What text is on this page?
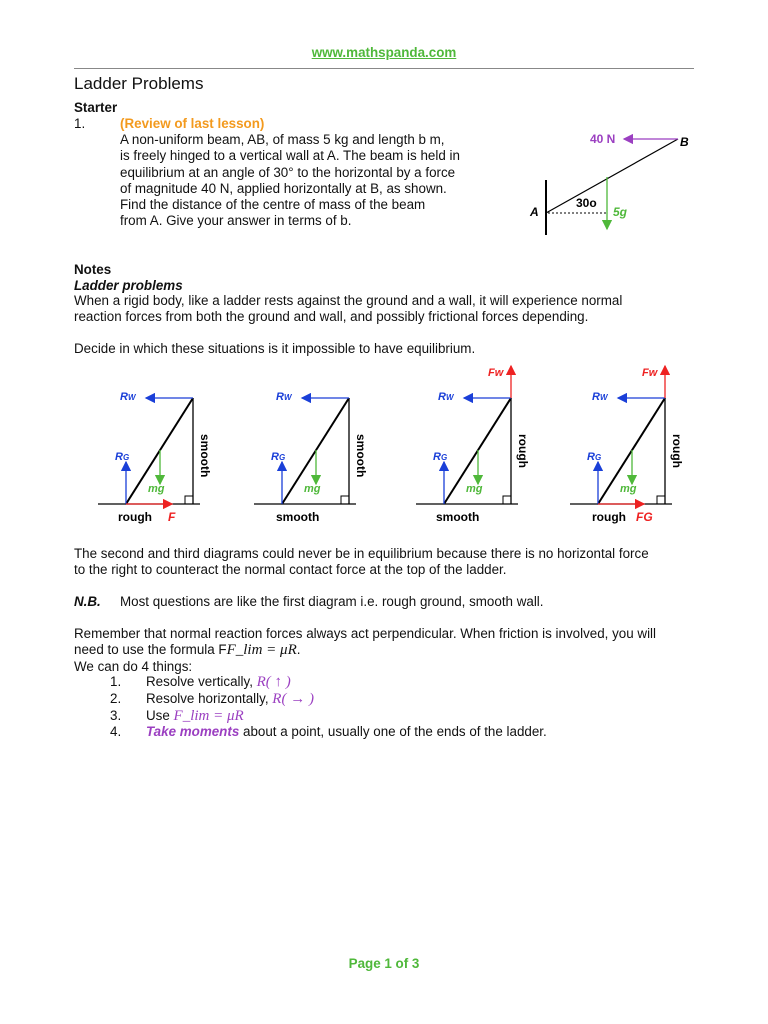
www.mathspanda.com
Ladder Problems
Starter
1.	(Review of last lesson)
A non-uniform beam, AB, of mass 5 kg and length b m,
is freely hinged to a vertical wall at A. The beam is held in
equilibrium at an angle of 30° to the horizontal by a force
of magnitude 40 N, applied horizontally at B, as shown.
Find the distance of the centre of mass of the beam
from A. Give your answer in terms of b.
40 N	B
A
30o
5g
Notes
Ladder problems
When a rigid body, like a ladder rests against the ground and a wall, it will experience normal
reaction forces from both the ground and wall, and possibly frictional forces depending.
Decide in which these situations is it impossible to have equilibrium.
rough F
smooth
smooth
smooth
Fw
smooth
rough
Fw
rough FG
rough
The second and third diagrams could never be in equilibrium because there is no horizontal force
to the right to counteract the normal contact force at the top of the ladder.
N.B. Most questions are like the first diagram i.e. rough ground, smooth wall.
Remember that normal reaction forces always act perpendicular. When friction is involved, you will
need to use the formula FF_lim = μR.
We can do 4 things:
1. Resolve vertically, R( ↑ )
2. Resolve horizontally, R( → )
3. Use F_lim = μR
4. Take moments about a point, usually one of the ends of the ladder.
Page 1 of 3
